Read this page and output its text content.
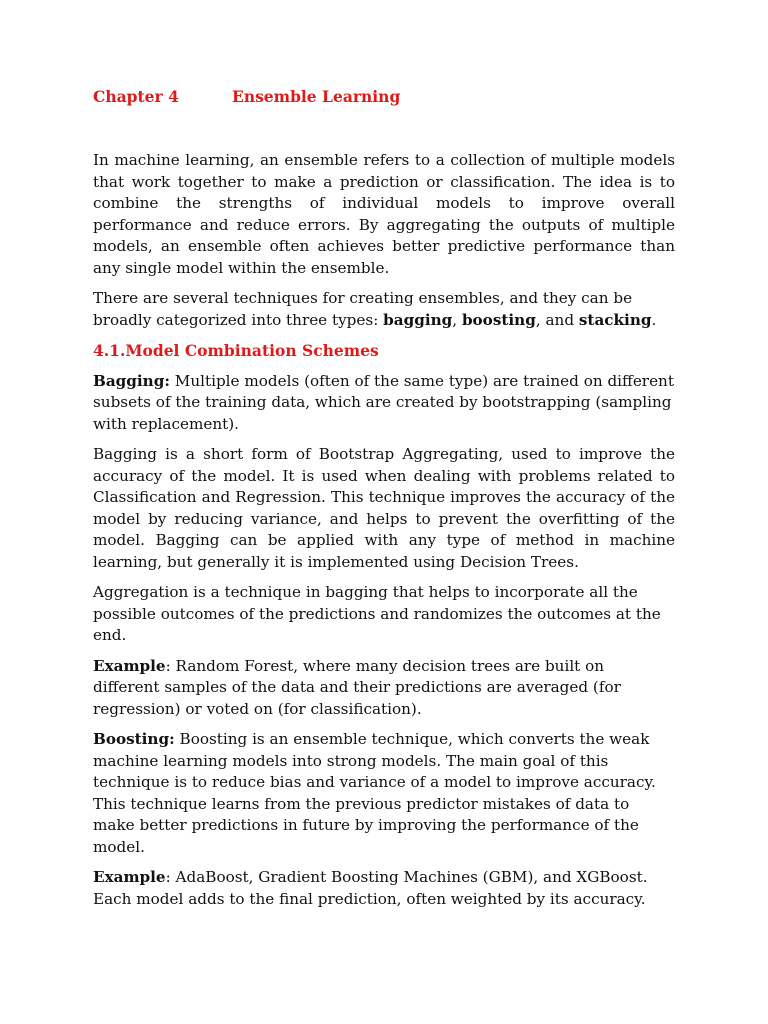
Chapter 4	Ensemble Learning

In machine learning, an ensemble refers to a collection of multiple models that work together to make a prediction or classification. The idea is to combine the strengths of individual models to improve overall performance and reduce errors. By aggregating the outputs of multiple models, an ensemble often achieves better predictive performance than any single model within the ensemble.

There are several techniques for creating ensembles, and they can be broadly categorized into three types: bagging, boosting, and stacking.

4.1.Model Combination Schemes

Bagging: Multiple models (often of the same type) are trained on different subsets of the training data, which are created by bootstrapping (sampling with replacement).

Bagging is a short form of Bootstrap Aggregating, used to improve the accuracy of the model. It is used when dealing with problems related to Classification and Regression. This technique improves the accuracy of the model by reducing variance, and helps to prevent the overfitting of the model. Bagging can be applied with any type of method in machine learning, but generally it is implemented using Decision Trees.

Aggregation is a technique in bagging that helps to incorporate all the possible outcomes of the predictions and randomizes the outcomes at the end.

Example: Random Forest, where many decision trees are built on different samples of the data and their predictions are averaged (for regression) or voted on (for classification).

Boosting: Boosting is an ensemble technique, which converts the weak machine learning models into strong models. The main goal of this technique is to reduce bias and variance of a model to improve accuracy. This technique learns from the previous predictor mistakes of data to make better predictions in future by improving the performance of the model.

Example: AdaBoost, Gradient Boosting Machines (GBM), and XGBoost. Each model adds to the final prediction, often weighted by its accuracy.
